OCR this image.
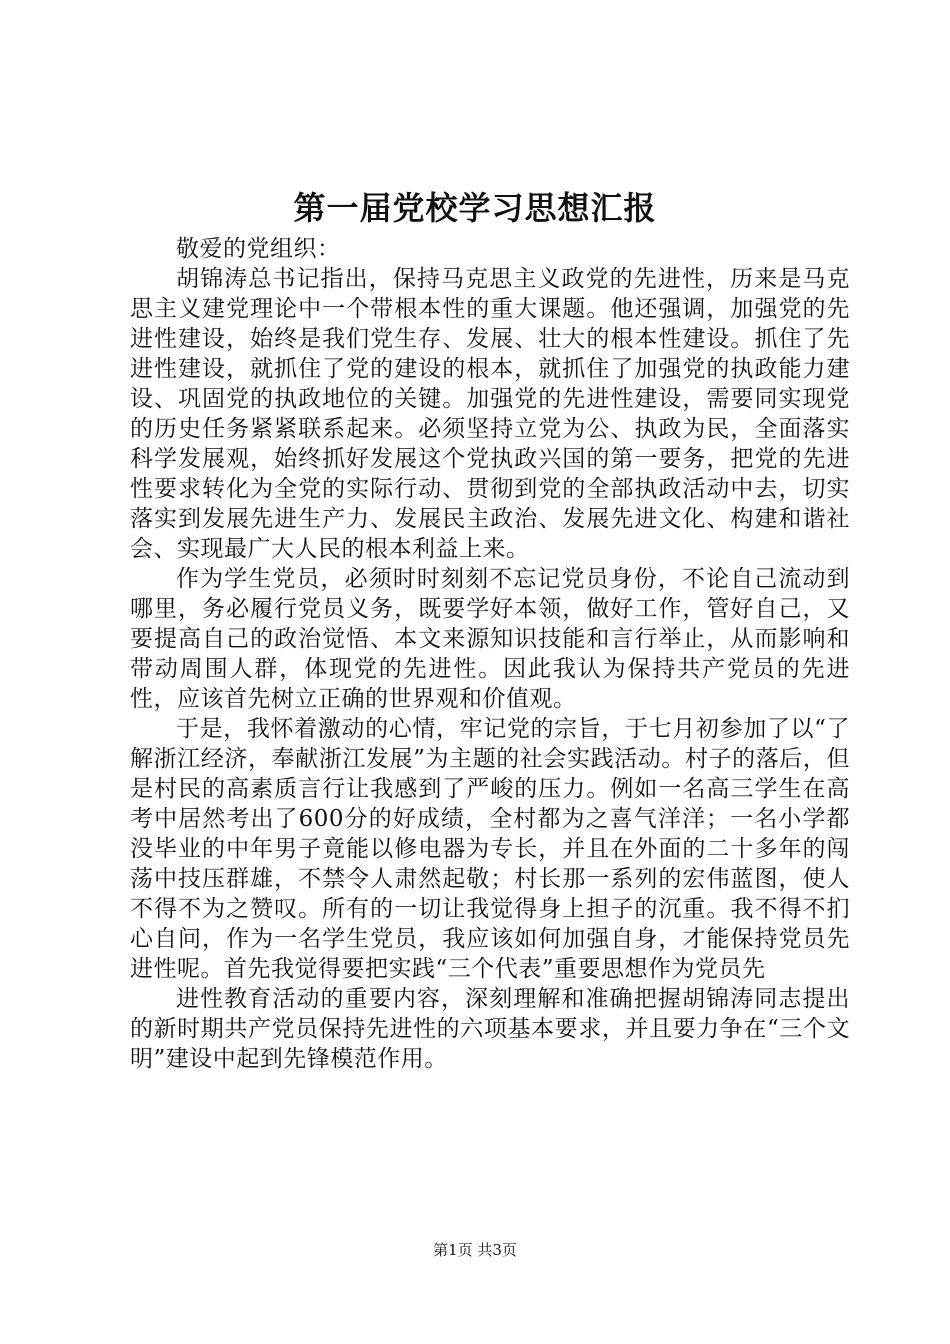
第一届党校学习思想汇报

敬爱的党组织：

胡锦涛总书记指出，保持马克思主义政党的先进性，历来是马克思主义建党理论中一个带根本性的重大课题。他还强调，加强党的先进性建设，始终是我们党生存、发展、壮大的根本性建设。抓住了先进性建设，就抓住了党的建设的根本，就抓住了加强党的执政能力建设、巩固党的执政地位的关键。加强党的先进性建设，需要同实现党的历史任务紧紧联系起来。必须坚持立党为公、执政为民，全面落实科学发展观，始终抓好发展这个党执政兴国的第一要务，把党的先进性要求转化为全党的实际行动、贯彻到党的全部执政活动中去，切实落实到发展先进生产力、发展民主政治、发展先进文化、构建和谐社会、实现最广大人民的根本利益上来。

作为学生党员，必须时时刻刻不忘记党员身份，不论自己流动到哪里，务必履行党员义务，既要学好本领，做好工作，管好自己，又要提高自己的政治觉悟、本文来源知识技能和言行举止，从而影响和带动周围人群，体现党的先进性。因此我认为保持共产党员的先进性，应该首先树立正确的世界观和价值观。

于是，我怀着激动的心情，牢记党的宗旨，于七月初参加了以“了解浙江经济，奉献浙江发展”为主题的社会实践活动。村子的落后，但是村民的高素质言行让我感到了严峻的压力。例如一名高三学生在高考中居然考出了600分的好成绩，全村都为之喜气洋洋；一名小学都没毕业的中年男子竟能以修电器为专长，并且在外面的二十多年的闯荡中技压群雄，不禁令人肃然起敬；村长那一系列的宏伟蓝图，使人不得不为之赞叹。所有的一切让我觉得身上担子的沉重。我不得不扪心自问，作为一名学生党员，我应该如何加强自身，才能保持党员先进性呢。首先我觉得要把实践“三个代表”重要思想作为党员先

进性教育活动的重要内容，深刻理解和准确把握胡锦涛同志提出的新时期共产党员保持先进性的六项基本要求，并且要力争在“三个文明”建设中起到先锋模范作用。

第1页 共3页
